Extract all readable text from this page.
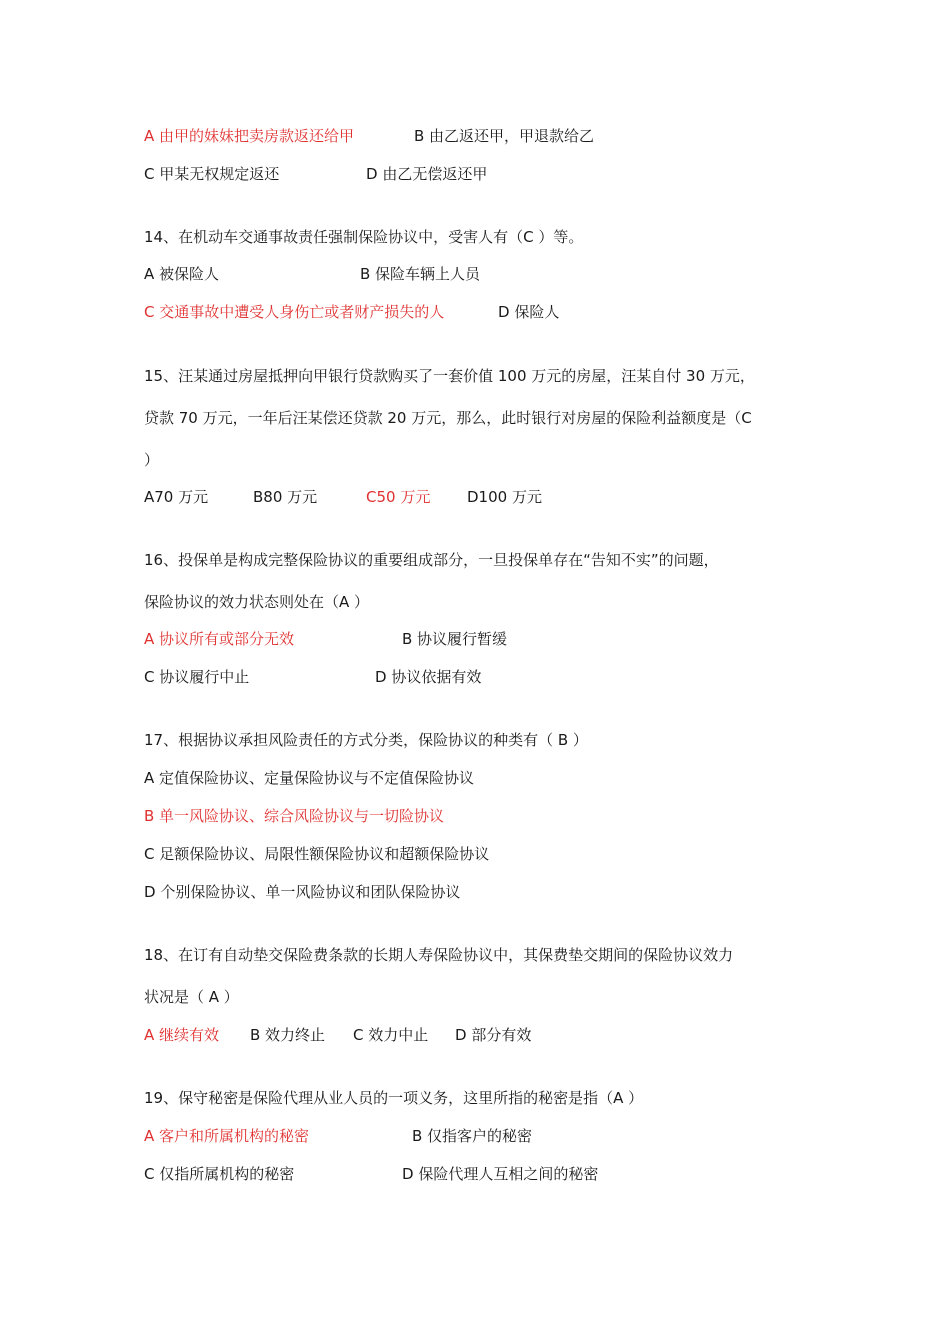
A 由甲的妹妹把卖房款返还给甲	B 由乙返还甲，甲退款给乙
C 甲某无权规定返还	D 由乙无偿返还甲
14、在机动车交通事故责任强制保险协议中，受害人有（C ）等。
A 被保险人	B 保险车辆上人员
C 交通事故中遭受人身伤亡或者财产损失的人	D 保险人
15、汪某通过房屋抵押向甲银行贷款购买了一套价值 100 万元的房屋，汪某自付 30 万元，
贷款 70 万元，一年后汪某偿还贷款 20 万元，那么，此时银行对房屋的保险利益额度是（C
）
A70 万元	B80 万元	C50 万元 D100 万元
16、投保单是构成完整保险协议的重要组成部分，一旦投保单存在“告知不实”的问题，
保险协议的效力状态则处在（A ）
A 协议所有或部分无效	B 协议履行暂缓
C 协议履行中止	D 协议依据有效
17、根据协议承担风险责任的方式分类，保险协议的种类有（ B ）
A 定值保险协议、定量保险协议与不定值保险协议
B 单一风险协议、综合风险协议与一切险协议
C 足额保险协议、局限性额保险协议和超额保险协议
D 个别保险协议、单一风险协议和团队保险协议
18、在订有自动垫交保险费条款的长期人寿保险协议中，其保费垫交期间的保险协议效力
状况是（ A ）
A 继续有效 B 效力终止 C 效力中止 D 部分有效
19、保守秘密是保险代理从业人员的一项义务，这里所指的秘密是指（A ）
A 客户和所属机构的秘密	B 仅指客户的秘密
C 仅指所属机构的秘密	D 保险代理人互相之间的秘密
